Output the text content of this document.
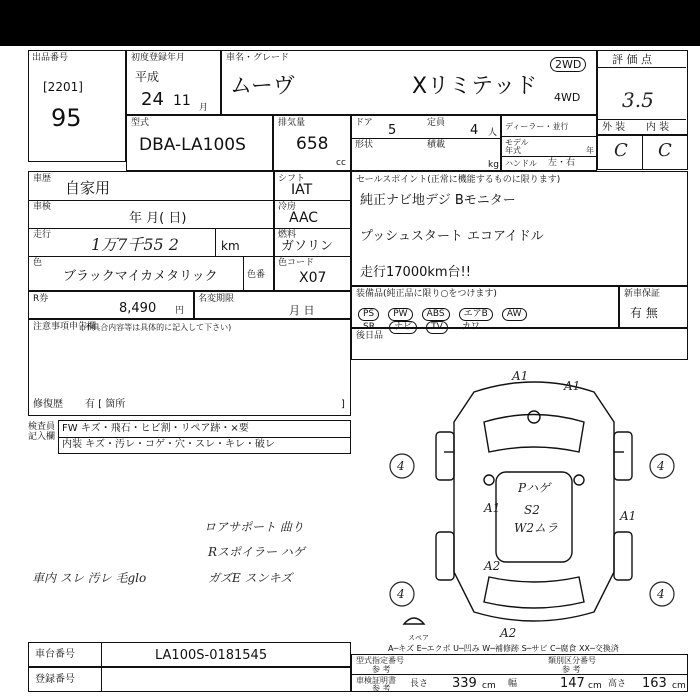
出品番号
[2201]
95
初度登録年月
平成
24 11 月
車名・グレード
ムーヴ	Xリミテッド
2WD
4WD
評 価 点
3.5
外 装 内 装
C C
型式
DBA-LA100S
排気量
658
cc
ドア 5	定員 4 人
形状	積載
kg
ディーラー・並行
モデル
年式	年
ハンドル 左・右
車歴 自家用
車検
年 月( 日)
走行 1万7千55 2	km
色
ブラックマイカメタリック	色番
シフト
IAT
冷房
AAC
燃料
ガソリン
色コード
X07
R券
8,490 円
名変期限
月 日
注意事項申告欄
(不具合内容等は具体的に記入して下さい)
修復歴 有 [ 箇所	]
検査員記入欄
FW キズ・飛石・ヒビ割・リペア跡・×要
内装 キズ・汚レ・コゲ・穴・スレ・キレ・破レ
ロアサポート 曲り
Rスポイラー ハゲ
車内 スレ 汚レ 毛glo	ガズE スンキズ
セールスポイント(正常に機能するものに限ります)
純正ナビ地デジ Bモニター
プッシュスタート エコアイドル
走行17000km台!!
装備品(純正品に限り○をつけます)
PS PW ABS エアB AW
SR ナビ TV カワ
新車保証
有 無
後日品
A1
A1
A1
A1
A2
A2
4	4
4	4
Pハゲ
S2
W2ムラ
スペア
A─キズ E─エクボ U─凹み W─補修跡 S─サビ C─腐食 XX─交換済
車台番号	LA100S-0181545
登録番号
型式指定番号
参 考
類別区分番号
参 考
車検証明書
参 考 長さ 339 cm 幅	147 cm 高さ 163 cm
